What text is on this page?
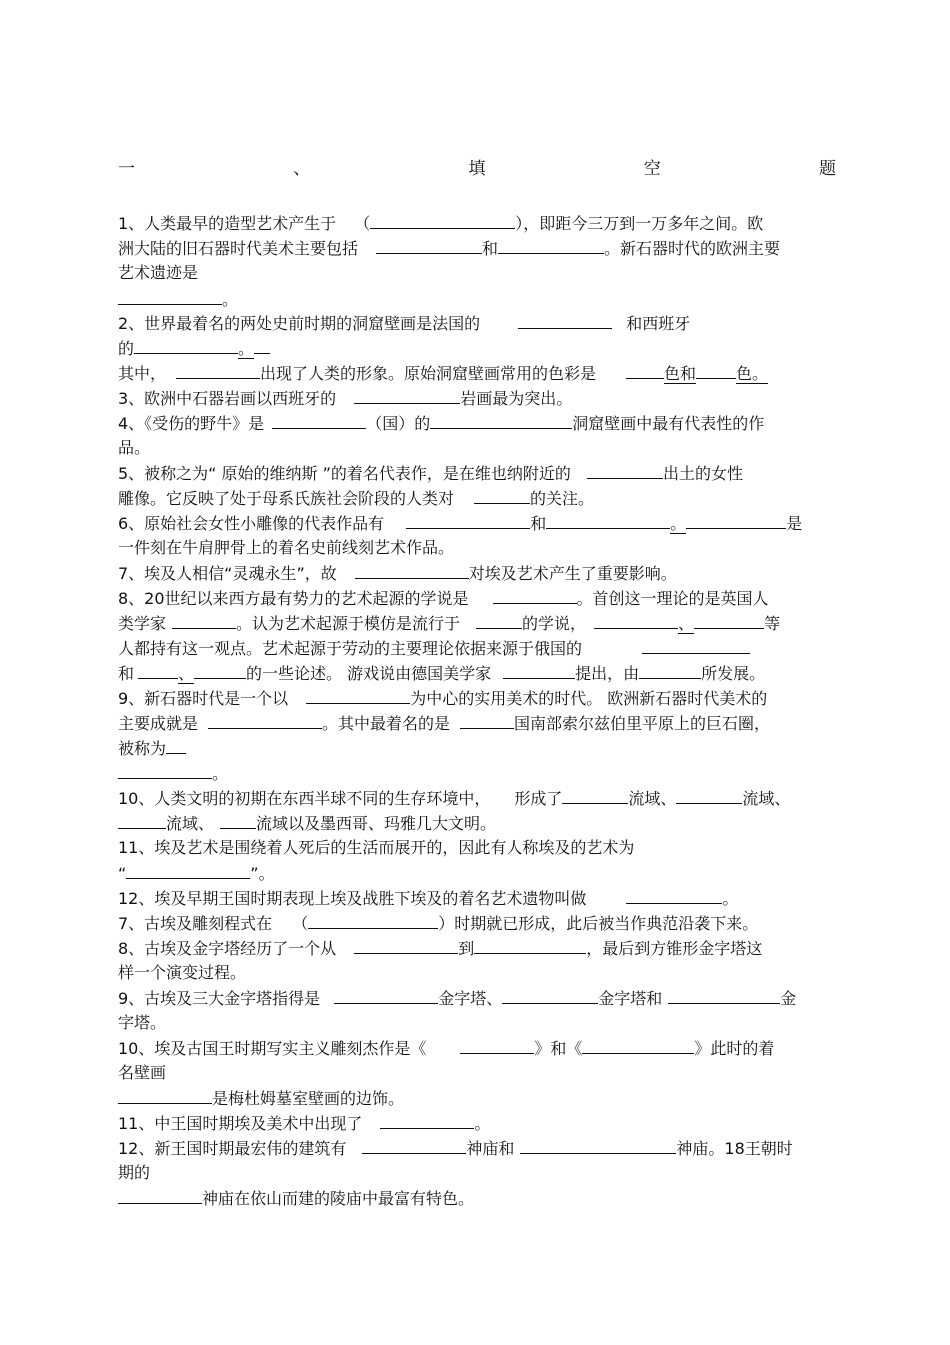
一	、	填	空	题
1、人类最早的造型艺术产生于 （	），即距今三万到一万多年之间。欧
洲大陆的旧石器时代美术主要包括	和	。新石器时代的欧洲主要
艺术遗迹是
。
2、世界最着名的两处史前时期的洞窟壁画是法国的	和西班牙
的	。
其中，	出现了人类的形象。原始洞窟壁画常用的色彩是	色和	色。
3、欧洲中石器岩画以西班牙的	岩画最为突出。
4、《受伤的野牛》是	（国）的	洞窟壁画中最有代表性的作
品。
5、被称之为“ 原始的维纳斯 ”的着名代表作，是在维也纳附近的	出土的女性
雕像。它反映了处于母系氏族社会阶段的人类对	的关注。
6、原始社会女性小雕像的代表作品有	和	。	是
一件刻在牛肩胛骨上的着名史前线刻艺术作品。
7、埃及人相信“灵魂永生”，故	对埃及艺术产生了重要影响。
8、20世纪以来西方最有势力的艺术起源的学说是	。首创这一理论的是英国人
类学家	。认为艺术起源于模仿是流行于	的学说，	、	等
人都持有这一观点。艺术起源于劳动的主要理论依据来源于俄国的
和	、	的一些论述。 游戏说由德国美学家	提出，由	所发展。
9、新石器时代是一个以	为中心的实用美术的时代。 欧洲新石器时代美术的
主要成就是	。其中最着名的是	国南部索尔兹伯里平原上的巨石圈，
被称为
。
10、人类文明的初期在东西半球不同的生存环境中， 形成了	流域、	流域、
流域、	流域以及墨西哥、玛雅几大文明。
11、埃及艺术是围绕着人死后的生活而展开的，因此有人称埃及的艺术为
“	”。
12、埃及早期王国时期表现上埃及战胜下埃及的着名艺术遗物叫做	。
7、古埃及雕刻程式在 （	）时期就已形成，此后被当作典范沿袭下来。
8、古埃及金字塔经历了一个从	到	，最后到方锥形金字塔这
样一个演变过程。
9、古埃及三大金字塔指得是	金字塔、	金字塔和	金
字塔。
10、埃及古国王时期写实主义雕刻杰作是《	》和《	》此时的着
名壁画
是梅杜姆墓室壁画的边饰。
11、中王国时期埃及美术中出现了	。
12、新王国时期最宏伟的建筑有	神庙和	神庙。18王朝时
期的
神庙在依山而建的陵庙中最富有特色。
